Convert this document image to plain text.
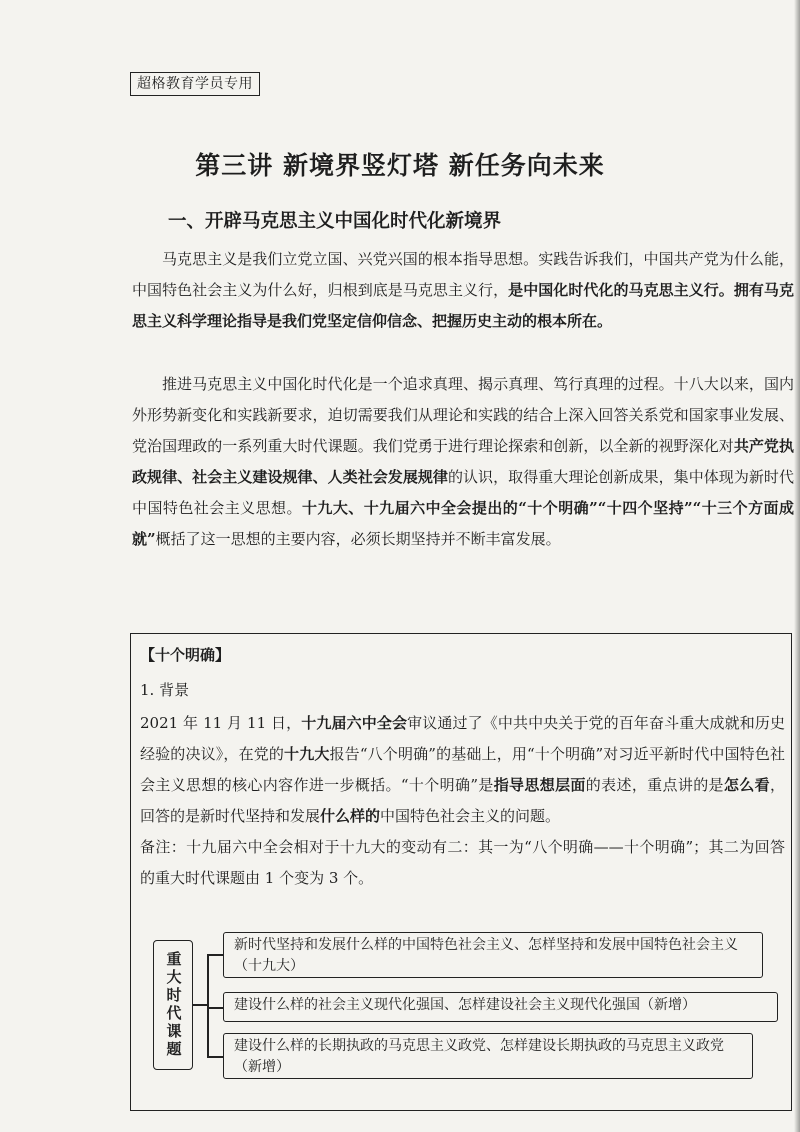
超格教育学员专用
第三讲 新境界竖灯塔 新任务向未来
一、开辟马克思主义中国化时代化新境界

马克思主义是我们立党立国、兴党兴国的根本指导思想。实践告诉我们，中国共产党为什么能，中国特色社会主义为什么好，归根到底是马克思主义行，是中国化时代化的马克思主义行。拥有马克思主义科学理论指导是我们党坚定信仰信念、把握历史主动的根本所在。

推进马克思主义中国化时代化是一个追求真理、揭示真理、笃行真理的过程。十八大以来，国内外形势新变化和实践新要求，迫切需要我们从理论和实践的结合上深入回答关系党和国家事业发展、党治国理政的一系列重大时代课题。我们党勇于进行理论探索和创新，以全新的视野深化对共产党执政规律、社会主义建设规律、人类社会发展规律的认识，取得重大理论创新成果，集中体现为新时代中国特色社会主义思想。十九大、十九届六中全会提出的“十个明确”“十四个坚持”“十三个方面成就”概括了这一思想的主要内容，必须长期坚持并不断丰富发展。

【十个明确】
1. 背景

2021 年 11 月 11 日，十九届六中全会审议通过了《中共中央关于党的百年奋斗重大成就和历史经验的决议》，在党的十九大报告“八个明确”的基础上，用“十个明确”对习近平新时代中国特色社会主义思想的核心内容作进一步概括。“十个明确”是指导思想层面的表述，重点讲的是怎么看，回答的是新时代坚持和发展什么样的中国特色社会主义的问题。

备注：十九届六中全会相对于十九大的变动有二：其一为“八个明确——十个明确”；其二为回答的重大时代课题由 1 个变为 3 个。

重大时代课题
新时代坚持和发展什么样的中国特色社会主义、怎样坚持和发展中国特色社会主义（十九大）
建设什么样的社会主义现代化强国、怎样建设社会主义现代化强国（新增）
建设什么样的长期执政的马克思主义政党、怎样建设长期执政的马克思主义政党（新增）
